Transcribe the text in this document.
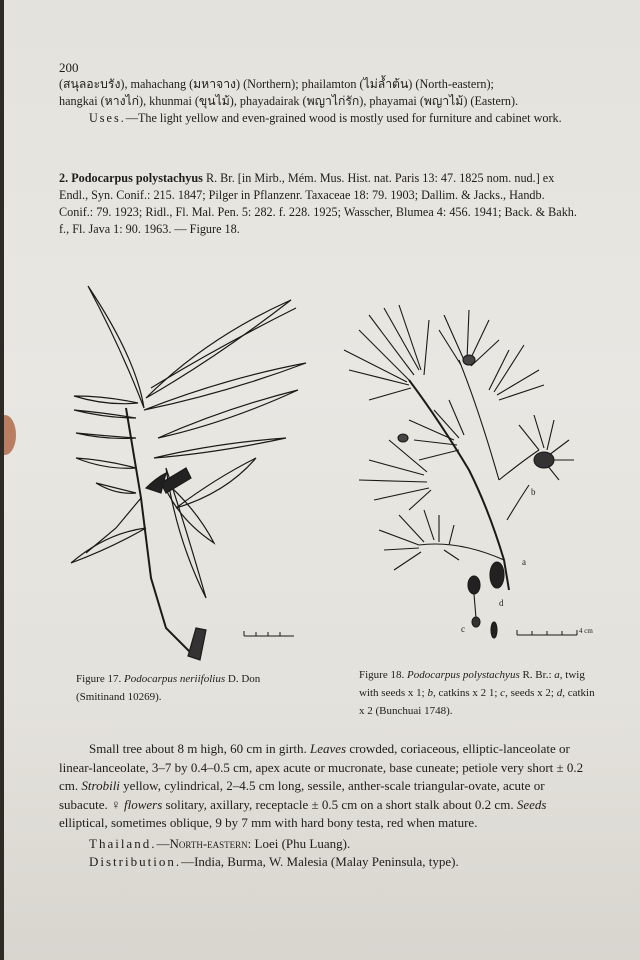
200
(สนุลอะบรัง), mahachang (มหาจาง) (Northern); phailamton (ไม่ล้ำต้น) (North-eastern);
hangkai (หางไก่), khunmai (ขุนไม้), phayadairak (พญาไก่รัก), phayamai (พญาไม้) (Eastern).
Uses.—The light yellow and even-grained wood is mostly used for furniture and cabinet work.
2. Podocarpus polystachyus R. Br. [in Mirb., Mém. Mus. Hist. nat. Paris 13: 47. 1825 nom. nud.] ex Endl., Syn. Conif.: 215. 1847; Pilger in Pflanzenr. Taxaceae 18: 79. 1903; Dallim. & Jacks., Handb. Conif.: 79. 1923; Ridl., Fl. Mal. Pen. 5: 282. f. 228. 1925; Wasscher, Blumea 4: 456. 1941; Back. & Bakh. f., Fl. Java 1: 90. 1963. — Figure 18.
b
a
c
d
4 cm
Figure 17. Podocarpus neriifolius D. Don
(Smitinand 10269).
Figure 18. Podocarpus polystachyus R. Br.: a, twig with seeds x 1; b, catkins x 2 1; c, seeds x 2; d, catkin x 2 (Bunchuai 1748).
Small tree about 8 m high, 60 cm in girth. Leaves crowded, coriaceous, elliptic-lanceolate or linear-lanceolate, 3–7 by 0.4–0.5 cm, apex acute or mucronate, base cuneate; petiole very short ± 0.2 cm. Strobili yellow, cylindrical, 2–4.5 cm long, sessile, anther-scale triangular-ovate, acute or subacute. ♀ flowers solitary, axillary, receptacle ± 0.5 cm on a short stalk about 0.2 cm. Seeds elliptical, sometimes oblique, 9 by 7 mm with hard bony testa, red when mature.
Thailand.—North-eastern: Loei (Phu Luang).
Distribution.—India, Burma, W. Malesia (Malay Peninsula, type).
